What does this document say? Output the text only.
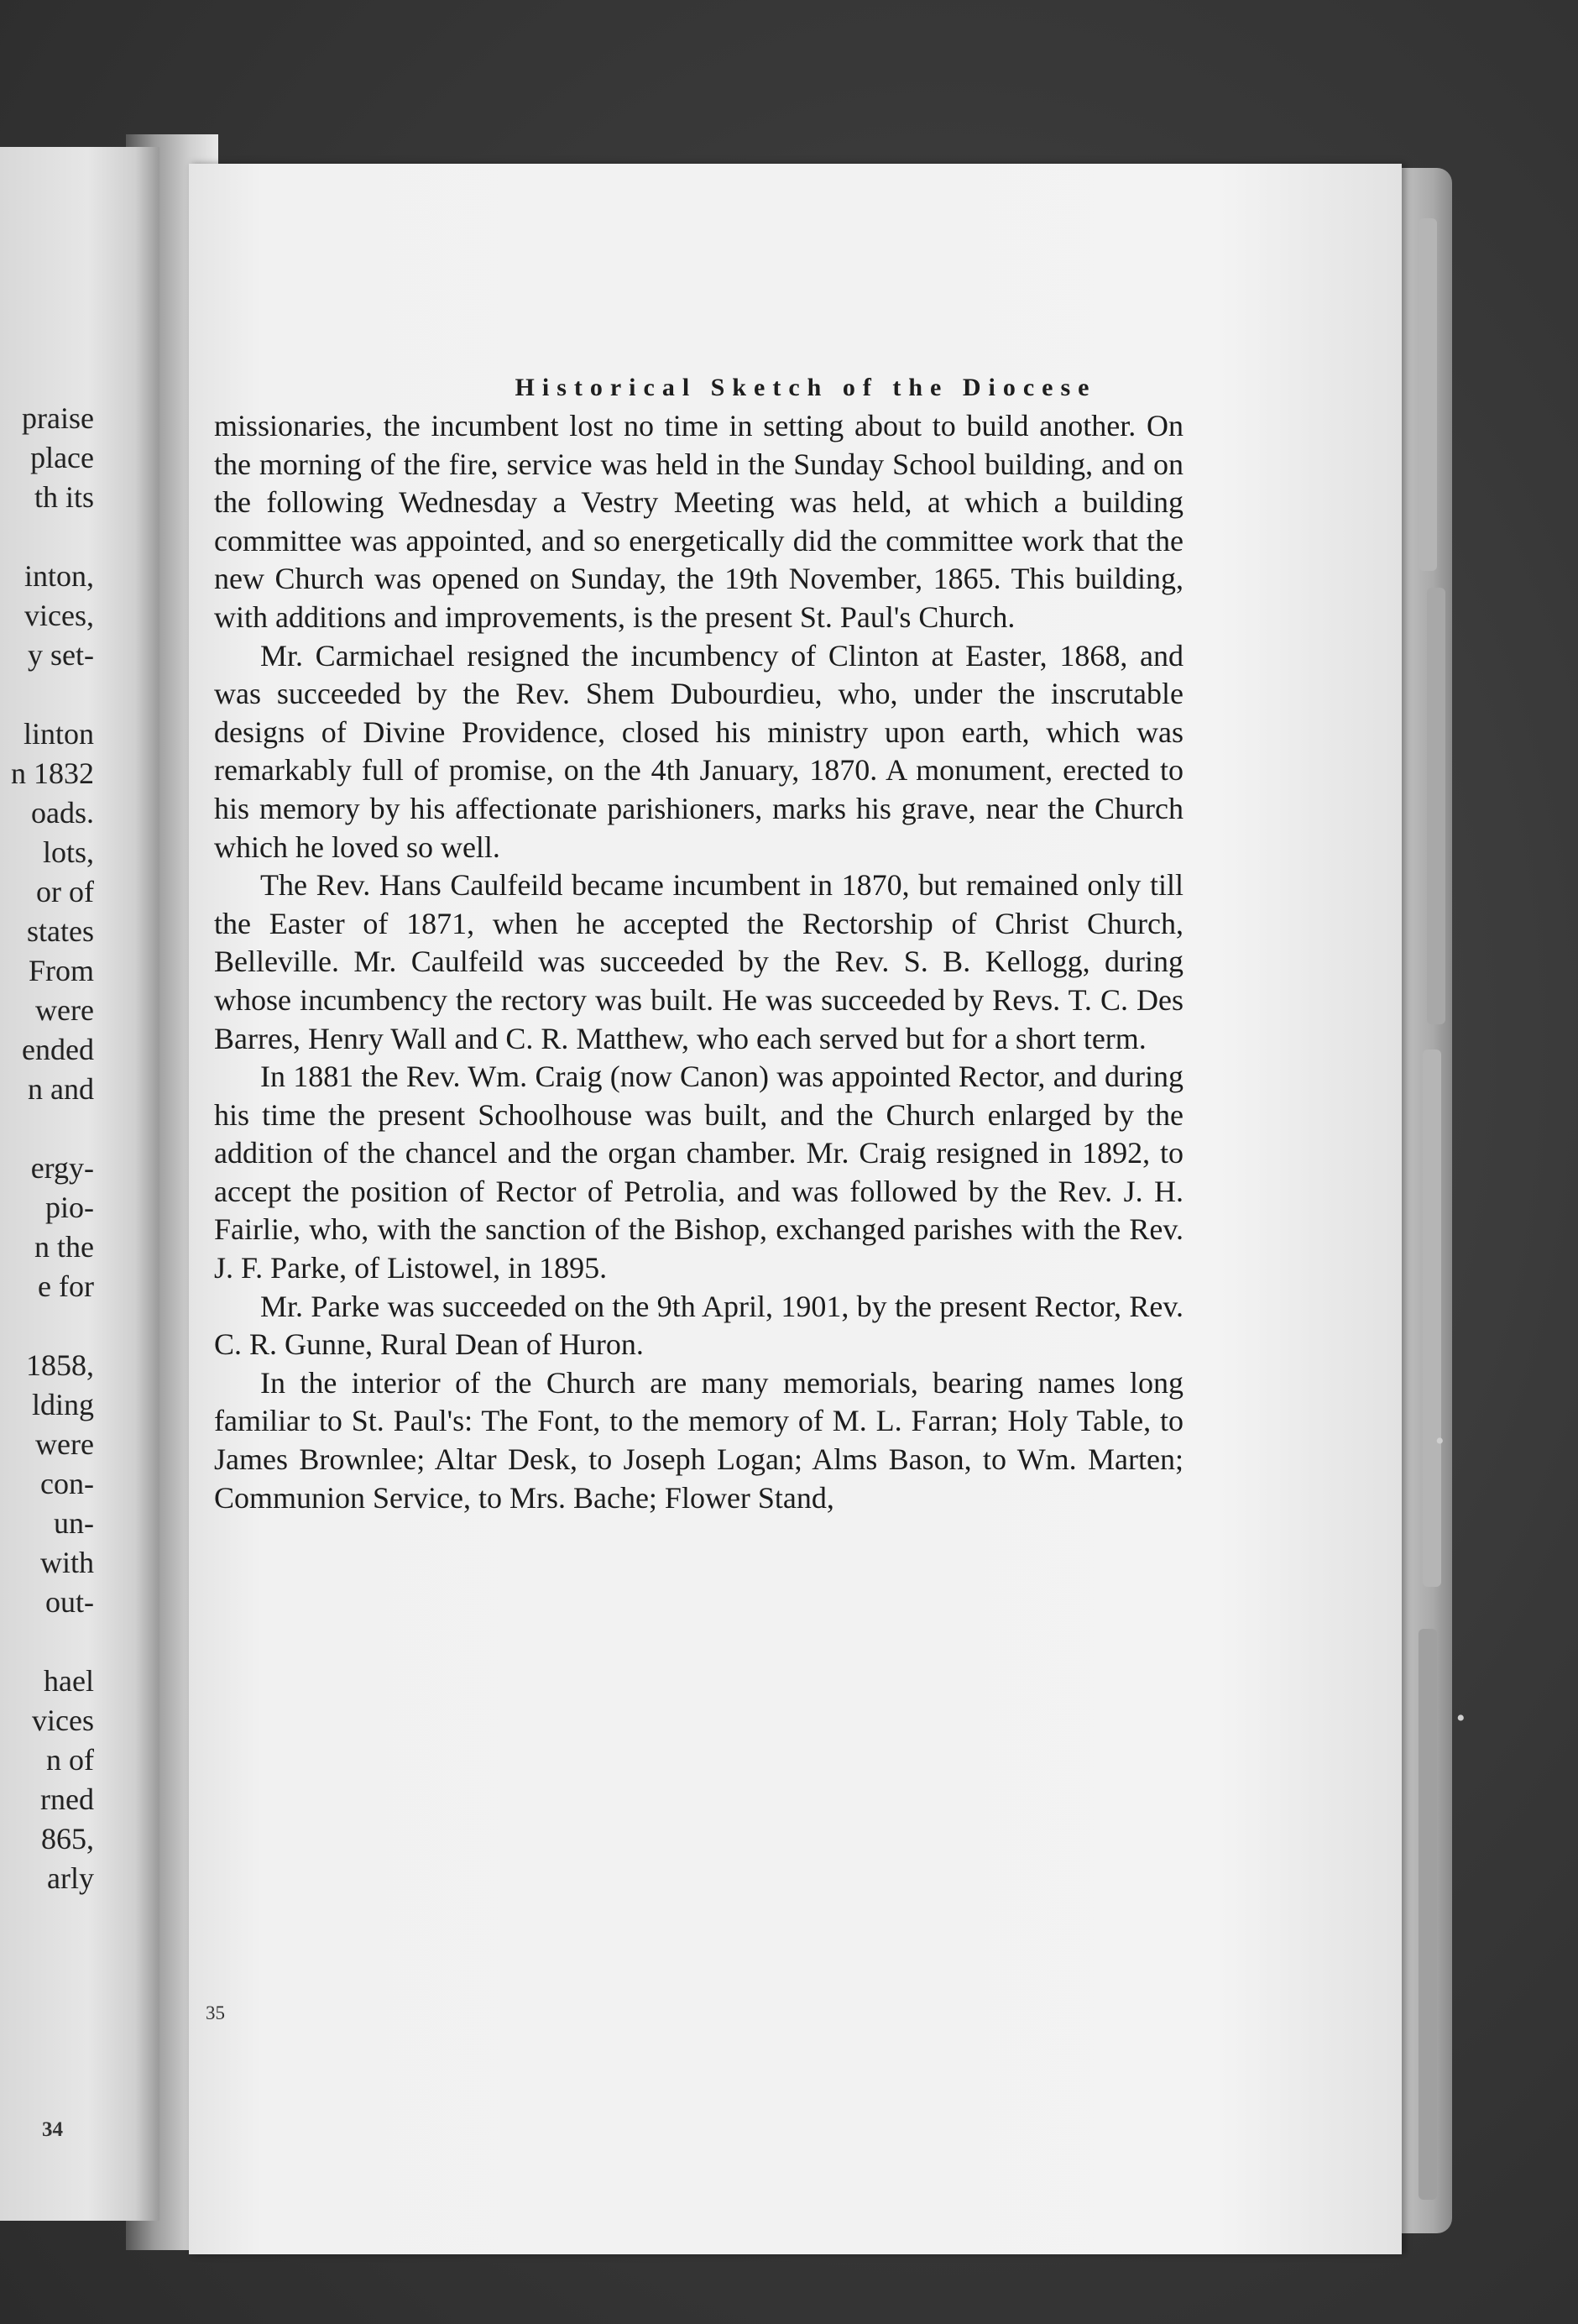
praise
place
th its

inton,
vices,
y set-

linton
n 1832
oads.
lots,
or of
states
From
were
ended
n and

ergy-
pio-
n the
e for

1858,
lding
were
con-
un-
with
out-

hael
vices
n of
rned
865,
arly
34
Historical Sketch of the Diocese

missionaries, the incumbent lost no time in setting about to build another. On the morning of the fire, service was held in the Sunday School building, and on the following Wednesday a Vestry Meeting was held, at which a building committee was appointed, and so energetically did the committee work that the new Church was opened on Sunday, the 19th November, 1865. This building, with additions and improvements, is the present St. Paul's Church.

Mr. Carmichael resigned the incumbency of Clinton at Easter, 1868, and was succeeded by the Rev. Shem Dubourdieu, who, under the inscrutable designs of Divine Providence, closed his ministry upon earth, which was remarkably full of promise, on the 4th January, 1870. A monument, erected to his memory by his affectionate parishioners, marks his grave, near the Church which he loved so well.

The Rev. Hans Caulfeild became incumbent in 1870, but remained only till the Easter of 1871, when he accepted the Rectorship of Christ Church, Belleville. Mr. Caulfeild was succeeded by the Rev. S. B. Kellogg, during whose incumbency the rectory was built. He was succeeded by Revs. T. C. Des Barres, Henry Wall and C. R. Matthew, who each served but for a short term.

In 1881 the Rev. Wm. Craig (now Canon) was appointed Rector, and during his time the present Schoolhouse was built, and the Church enlarged by the addition of the chancel and the organ chamber. Mr. Craig resigned in 1892, to accept the position of Rector of Petrolia, and was followed by the Rev. J. H. Fairlie, who, with the sanction of the Bishop, exchanged parishes with the Rev. J. F. Parke, of Listowel, in 1895.

Mr. Parke was succeeded on the 9th April, 1901, by the present Rector, Rev. C. R. Gunne, Rural Dean of Huron.

In the interior of the Church are many memorials, bearing names long familiar to St. Paul's: The Font, to the memory of M. L. Farran; Holy Table, to James Brownlee; Altar Desk, to Joseph Logan; Alms Bason, to Wm. Marten; Communion Service, to Mrs. Bache; Flower Stand,

35
•
•
